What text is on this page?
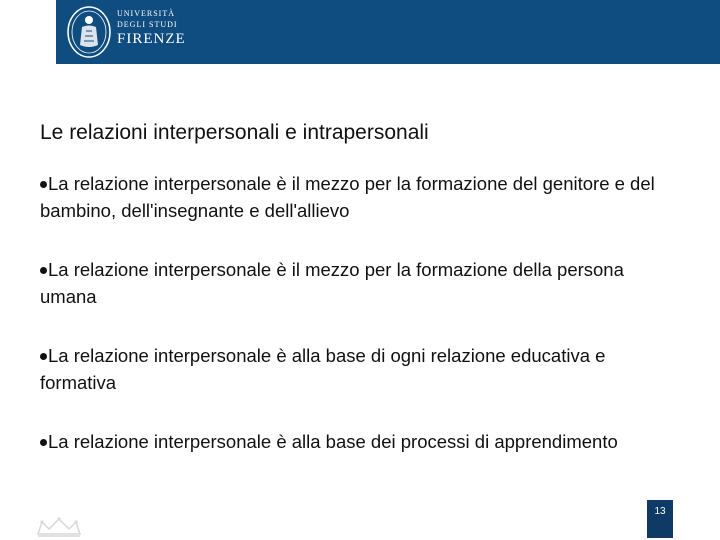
UNIVERSITÀ
DEGLI STUDI
FIRENZE
Le relazioni interpersonali e intrapersonali
La relazione interpersonale è il mezzo per la formazione del genitore e del bambino, dell'insegnante e dell'allievo
La relazione interpersonale è il mezzo per la formazione della persona umana
La relazione interpersonale è alla base di ogni relazione educativa e formativa
La relazione interpersonale è alla base dei processi di apprendimento
13
